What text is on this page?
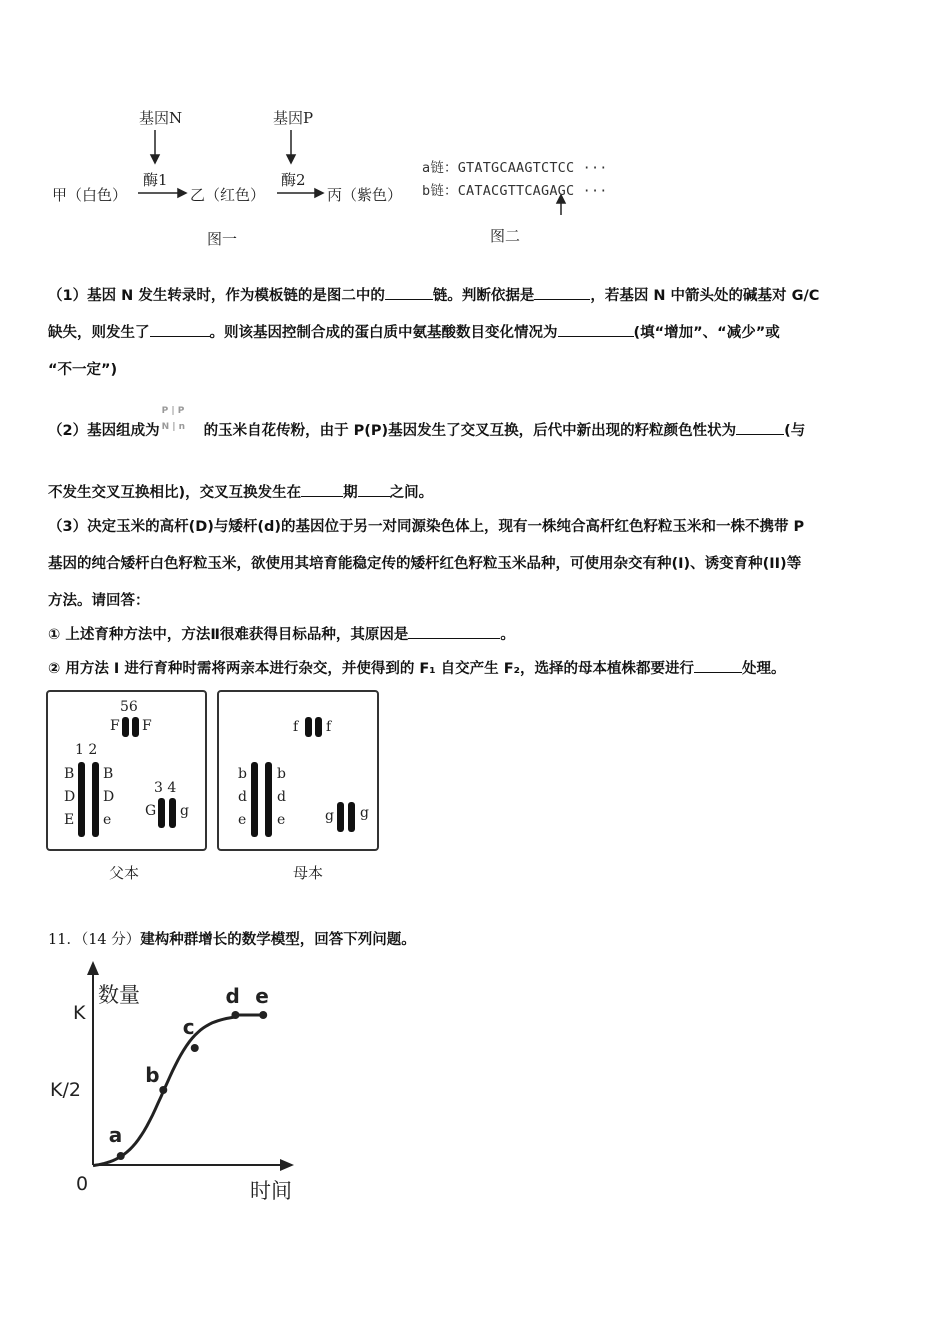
基因N	基因P
酶1	酶2
甲（白色）	乙（红色）	丙（紫色）
图一
a链：GTATGCAAGTCTCC ···
b链：CATACGTTCAGAGC ···
图二
（1）基因 N 发生转录时，作为模板链的是图二中的	链。判断依据是	，若基因 N 中箭头处的碱基对 G/C
缺失，则发生了	。则该基因控制合成的蛋白质中氨基酸数目变化情况为	(填“增加”、“减少”或
“不一定”)
（2）基因组成为
P | P
N | n 的玉米自花传粉，由于 P(P)基因发生了交叉互换，后代中新出现的籽粒颜色性状为	(与
不发生交叉互换相比)，交叉互换发生在	期 之间。
（3）决定玉米的高杆(D)与矮杆(d)的基因位于另一对同源染色体上，现有一株纯合高杆红色籽粒玉米和一株不携带 P
基因的纯合矮杆白色籽粒玉米，欲使用其培育能稳定传的矮杆红色籽粒玉米品种，可使用杂交有种(I)、诱变育种(II)等
方法。请回答：
① 上述育种方法中，方法Ⅱ很难获得目标品种，其原因是	。
② 用方法 I 进行育种时需将两亲本进行杂交，并使得到的 F₁ 自交产生 F₂，选择的母本植株都要进行	处理。
56
F F
1 2
B
D
E
B
D
e
3 4
G g
父本
f f
b
d
e
b
d
e	g g
母本
11．（14 分）建构种群增长的数学模型，回答下列问题。
数量
时间
0
K
K/2
a
b
c
d e
